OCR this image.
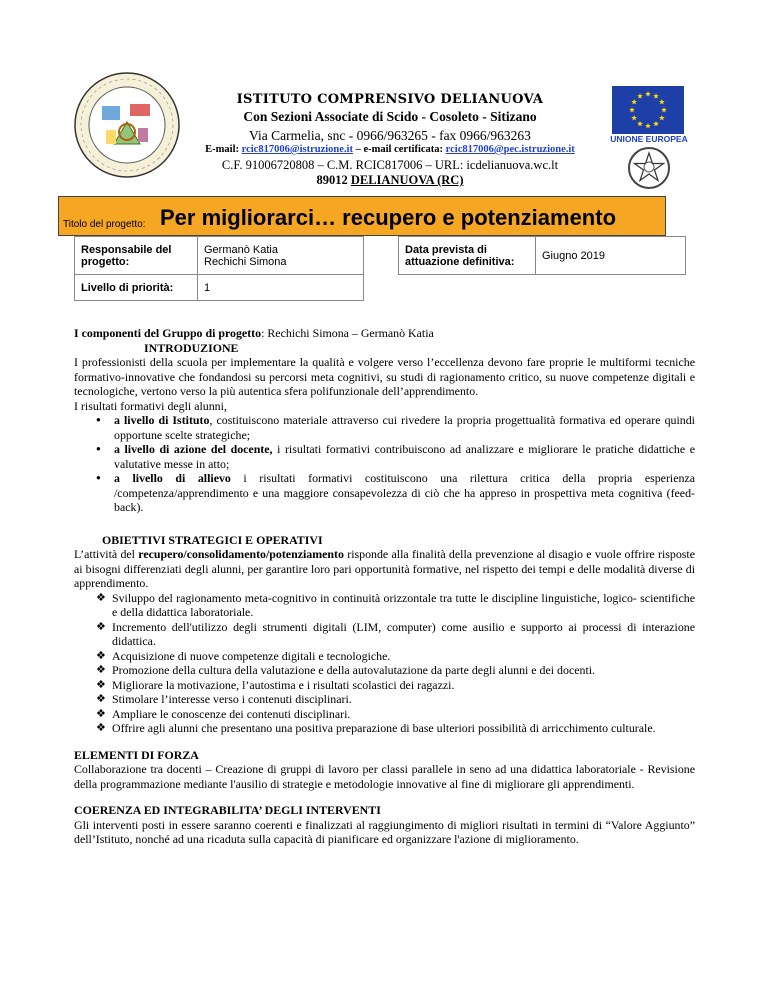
ISTITUTO COMPRENSIVO DELIANUOVA
Con Sezioni Associate di Scido - Cosoleto - Sitizano
Via Carmelia, snc - 0966/963265 - fax 0966/963263
E-mail: rcic817006@istruzione.it – e-mail certificata: rcic817006@pec.istruzione.it
C.F. 91006720808 – C.M. RCIC817006 – URL: icdelianuova.wc.lt
89012 DELIANUOVA (RC)
UNIONE EUROPEA
Titolo del progetto: Per migliorarci… recupero e potenziamento
Responsabile del progetto:	Germanò Katia
Rechichi Simona

Livello di priorità:	1
Data prevista di attuazione definitiva:	Giugno 2019

I componenti del Gruppo di progetto: Rechichi Simona – Germanò Katia

INTRODUZIONE

I professionisti della scuola per implementare la qualità e volgere verso l’eccellenza devono fare proprie le multiformi tecniche formativo-innovative che fondandosi su percorsi meta cognitivi, su studi di ragionamento critico, su nuove competenze digitali e tecnologiche, vertono verso la più autentica sfera polifunzionale dell’apprendimento.

I risultati formativi degli alunni,

● a livello di Istituto, costituiscono materiale attraverso cui rivedere la propria progettualità formativa ed operare quindi opportune scelte strategiche;
● a livello di azione del docente, i risultati formativi contribuiscono ad analizzare e migliorare le pratiche didattiche e valutative messe in atto;
● a livello di allievo i risultati formativi costituiscono una rilettura critica della propria esperienza /competenza/apprendimento e una maggiore consapevolezza di ciò che ha appreso in prospettiva meta cognitiva (feed-back).

OBIETTIVI STRATEGICI E OPERATIVI

L’attività del recupero/consolidamento/potenziamento risponde alla finalità della prevenzione al disagio e vuole offrire risposte ai bisogni differenziati degli alunni, per garantire loro pari opportunità formative, nel rispetto dei tempi e delle modalità diverse di apprendimento.

❖ Sviluppo del ragionamento meta-cognitivo in continuità orizzontale tra tutte le discipline linguistiche, logico- scientifiche e della didattica laboratoriale.
❖ Incremento dell'utilizzo degli strumenti digitali (LIM, computer) come ausilio e supporto ai processi di interazione didattica.
❖ Acquisizione di nuove competenze digitali e tecnologiche.
❖ Promozione della cultura della valutazione e della autovalutazione da parte degli alunni e dei docenti.
❖ Migliorare la motivazione, l’autostima e i risultati scolastici dei ragazzi.
❖ Stimolare l’interesse verso i contenuti disciplinari.
❖ Ampliare le conoscenze dei contenuti disciplinari.
❖ Offrire agli alunni che presentano una positiva preparazione di base ulteriori possibilità di arricchimento culturale.

ELEMENTI DI FORZA

Collaborazione tra docenti – Creazione di gruppi di lavoro per classi parallele in seno ad una didattica laboratoriale - Revisione della programmazione mediante l'ausilio di strategie e metodologie innovative al fine di migliorare gli apprendimenti.

COERENZA ED INTEGRABILITA’ DEGLI INTERVENTI

Gli interventi posti in essere saranno coerenti e finalizzati al raggiungimento di migliori risultati in termini di “Valore Aggiunto” dell’Istituto, nonché ad una ricaduta sulla capacità di pianificare ed organizzare l'azione di miglioramento.
